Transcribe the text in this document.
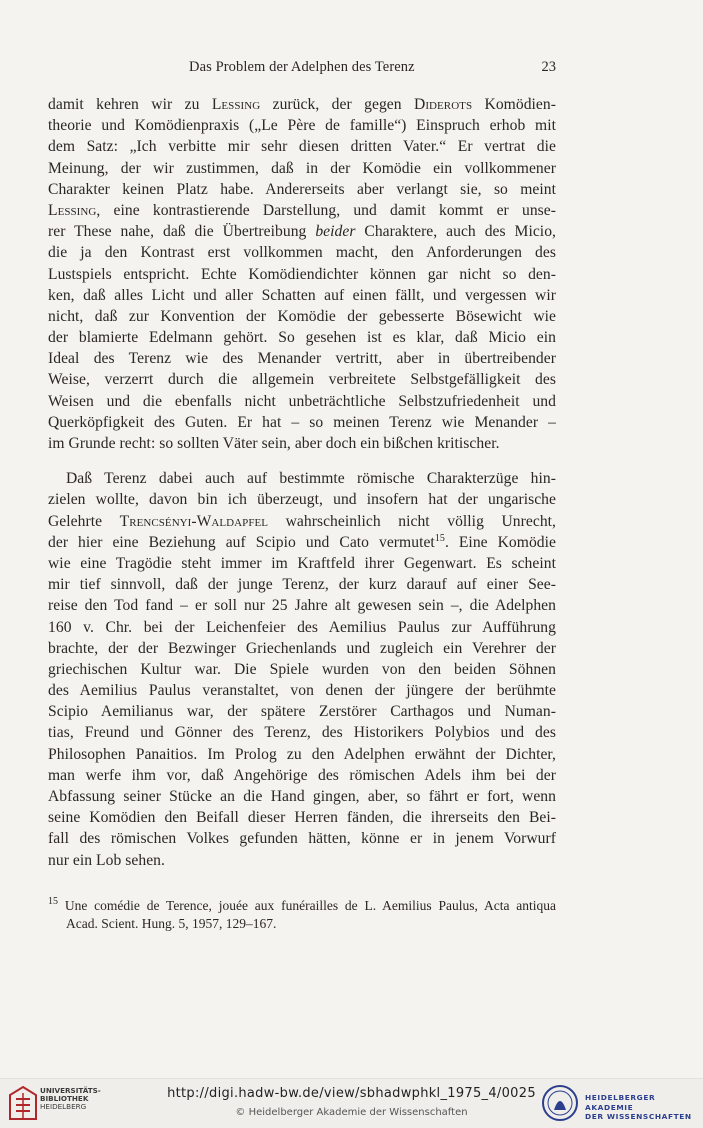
Das Problem der Adelphen des Terenz	23
damit kehren wir zu Lessing zurück, der gegen Diderots Komödien-
theorie und Komödienpraxis („Le Père de famille“) Einspruch erhob mit
dem Satz: „Ich verbitte mir sehr diesen dritten Vater.“ Er vertrat die
Meinung, der wir zustimmen, daß in der Komödie ein vollkommener
Charakter keinen Platz habe. Andererseits aber verlangt sie, so meint
Lessing, eine kontrastierende Darstellung, und damit kommt er unse-
rer These nahe, daß die Übertreibung beider Charaktere, auch des Micio,
die ja den Kontrast erst vollkommen macht, den Anforderungen des
Lustspiels entspricht. Echte Komödiendichter können gar nicht so den-
ken, daß alles Licht und aller Schatten auf einen fällt, und vergessen wir
nicht, daß zur Konvention der Komödie der gebesserte Bösewicht wie
der blamierte Edelmann gehört. So gesehen ist es klar, daß Micio ein
Ideal des Terenz wie des Menander vertritt, aber in übertreibender
Weise, verzerrt durch die allgemein verbreitete Selbstgefälligkeit des
Weisen und die ebenfalls nicht unbeträchtliche Selbstzufriedenheit und
Querköpfigkeit des Guten. Er hat – so meinen Terenz wie Menander –
im Grunde recht: so sollten Väter sein, aber doch ein bißchen kritischer.
Daß Terenz dabei auch auf bestimmte römische Charakterzüge hin-
zielen wollte, davon bin ich überzeugt, und insofern hat der ungarische
Gelehrte Trencsényi-Waldapfel wahrscheinlich nicht völlig Unrecht,
der hier eine Beziehung auf Scipio und Cato vermutet$^{15}$. Eine Komödie
wie eine Tragödie steht immer im Kraftfeld ihrer Gegenwart. Es scheint
mir tief sinnvoll, daß der junge Terenz, der kurz darauf auf einer See-
reise den Tod fand – er soll nur 25 Jahre alt gewesen sein –, die Adelphen
160 v. Chr. bei der Leichenfeier des Aemilius Paulus zur Aufführung
brachte, der der Bezwinger Griechenlands und zugleich ein Verehrer der
griechischen Kultur war. Die Spiele wurden von den beiden Söhnen
des Aemilius Paulus veranstaltet, von denen der jüngere der berühmte
Scipio Aemilianus war, der spätere Zerstörer Carthagos und Numan-
tias, Freund und Gönner des Terenz, des Historikers Polybios und des
Philosophen Panaitios. Im Prolog zu den Adelphen erwähnt der Dichter,
man werfe ihm vor, daß Angehörige des römischen Adels ihm bei der
Abfassung seiner Stücke an die Hand gingen, aber, so fährt er fort, wenn
seine Komödien den Beifall dieser Herren fänden, die ihrerseits den Bei-
fall des römischen Volkes gefunden hätten, könne er in jenem Vorwurf
nur ein Lob sehen.
$^{15}$ Une comédie de Terence, jouée aux funérailles de L. Aemilius Paulus, Acta antiqua
Acad. Scient. Hung. 5, 1957, 129–167.
UNIVERSITÄTS-
BIBLIOTHEK
HEIDELBERG
http://digi.hadw-bw.de/view/sbhadwphkl_1975_4/0025
© Heidelberger Akademie der Wissenschaften
HEIDELBERGER AKADEMIE
DER WISSENSCHAFTEN
